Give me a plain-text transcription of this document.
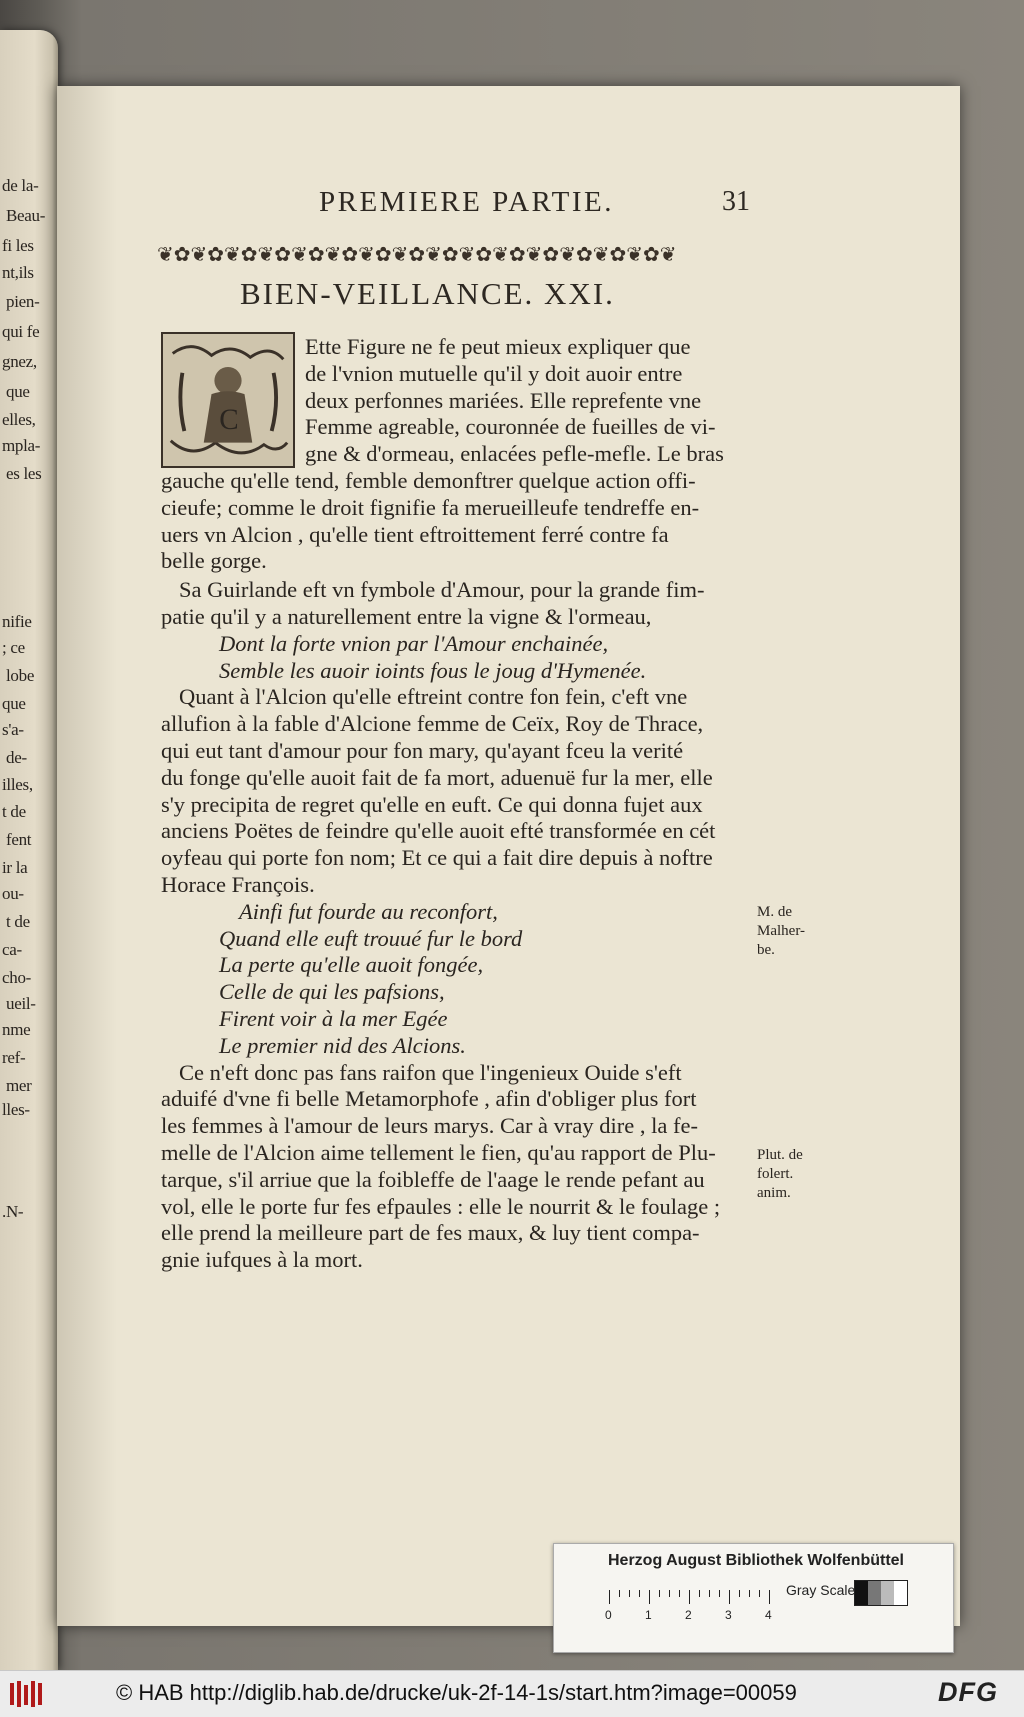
de la-
Beau-
fi les
nt,ils
pien-
qui fe
gnez,
que
elles,
mpla-
es les
nifie
; ce
lobe
que
s'a-
de-
illes,
t de
fent
ir la
ou-
t de
ca-
cho-
ueil-
nme
ref-
mer
lles-
.N-
PREMIERE PARTIE.	31
❦✿❦✿❦✿❦✿❦✿❦✿❦✿❦✿❦✿❦✿❦✿❦✿❦✿❦✿❦✿❦
BIEN-VEILLANCE. XXI.
C
Ette Figure ne fe peut mieux expliquer que
de l'vnion mutuelle qu'il y doit auoir entre
deux perfonnes mariées. Elle reprefente vne
Femme agreable, couronnée de fueilles de vi-
gne & d'ormeau, enlacées pefle-mefle. Le bras
gauche qu'elle tend, femble demonftrer quelque action offi-
cieufe; comme le droit fignifie fa merueilleufe tendreffe en-
uers vn Alcion , qu'elle tient eftroittement ferré contre fa
belle gorge.
Sa Guirlande eft vn fymbole d'Amour, pour la grande fim-
patie qu'il y a naturellement entre la vigne & l'ormeau,
Dont la forte vnion par l'Amour enchainée,
Semble les auoir ioints fous le joug d'Hymenée.
Quant à l'Alcion qu'elle eftreint contre fon fein, c'eft vne
allufion à la fable d'Alcione femme de Ceïx, Roy de Thrace,
qui eut tant d'amour pour fon mary, qu'ayant fceu la verité
du fonge qu'elle auoit fait de fa mort, aduenuë fur la mer, elle
s'y precipita de regret qu'elle en euft. Ce qui donna fujet aux
anciens Poëtes de feindre qu'elle auoit efté transformée en cét
oyfeau qui porte fon nom; Et ce qui a fait dire depuis à noftre
Horace François.
Ainfi fut fourde au reconfort,
Quand elle euft trouué fur le bord
La perte qu'elle auoit fongée,
Celle de qui les pafsions,
Firent voir à la mer Egée
Le premier nid des Alcions.
Ce n'eft donc pas fans raifon que l'ingenieux Ouide s'eft
aduifé d'vne fi belle Metamorphofe , afin d'obliger plus fort
les femmes à l'amour de leurs marys. Car à vray dire , la fe-
melle de l'Alcion aime tellement le fien, qu'au rapport de Plu-
tarque, s'il arriue que la foibleffe de l'aage le rende pefant au
vol, elle le porte fur fes efpaules : elle le nourrit & le foulage ;
elle prend la meilleure part de fes maux, & luy tient compa-
gnie iufques à la mort.
M. de
Malher-
be.
Plut. de
folert.
anim.
Herzog August Bibliothek Wolfenbüttel
Gray Scale
0	1	2	3	4
© HAB http://diglib.hab.de/drucke/uk-2f-14-1s/start.htm?image=00059	DFG
